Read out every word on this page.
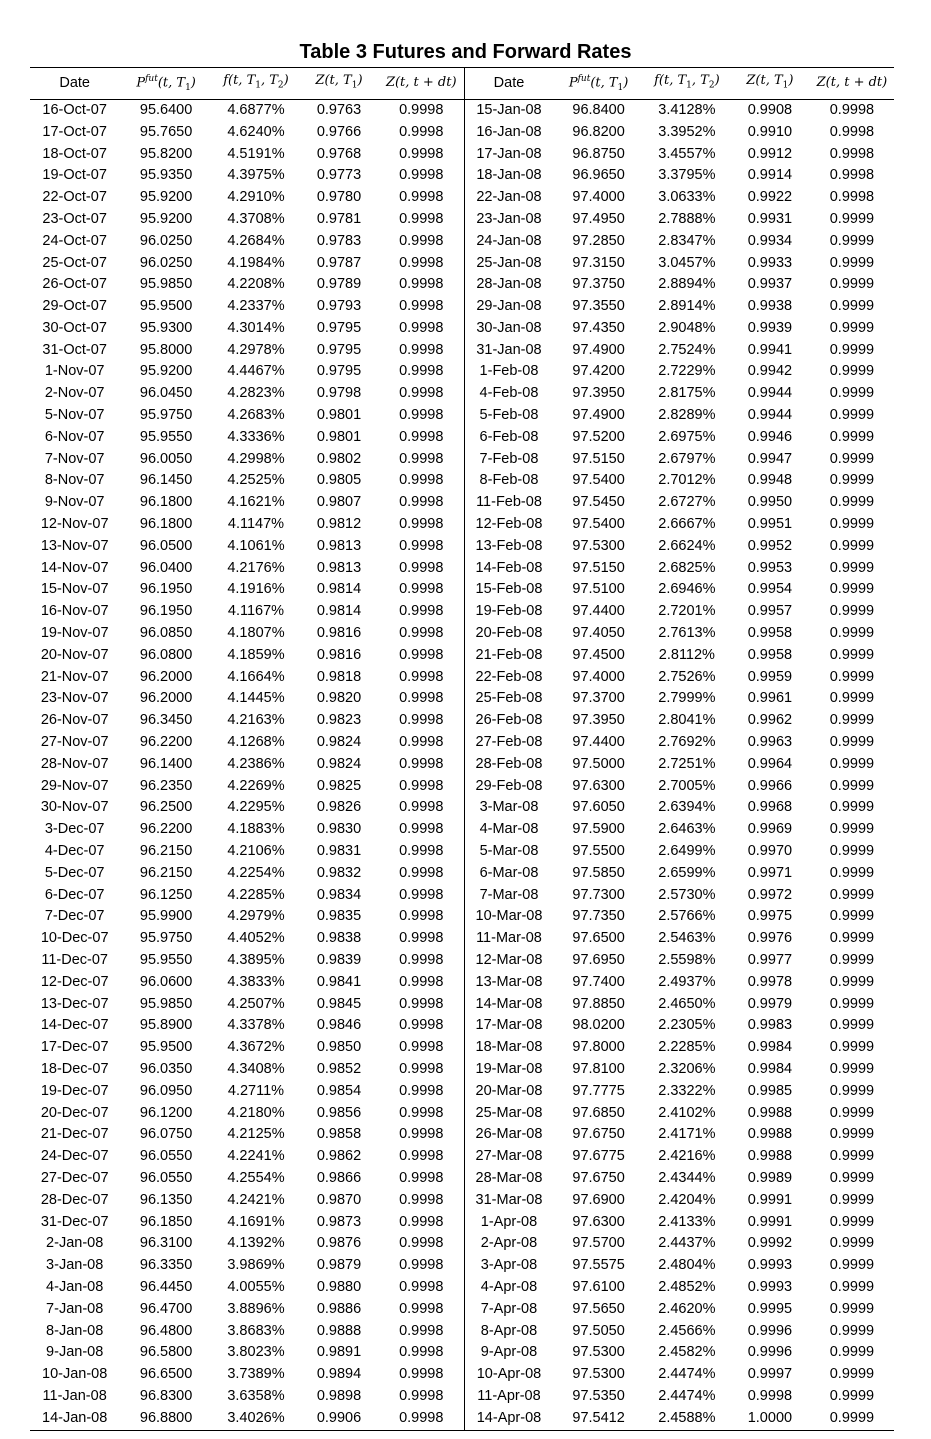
Table 3 Futures and Forward Rates
Date	$P^{fut}(t$, $T_1$)	f(t, $T_1$, $T_2$)	Z(t, $T_1$)	Z(t, t + dt)	Date	$P^{fut}(t$, $T_1$)	f(t, $T_1$, $T_2$)	Z(t, $T_1$)	Z(t, t + dt)
16-Oct-07	95.6400	4.6877%	0.9763	0.9998	15-Jan-08	96.8400	3.4128%	0.9908	0.9998
17-Oct-07	95.7650	4.6240%	0.9766	0.9998	16-Jan-08	96.8200	3.3952%	0.9910	0.9998
18-Oct-07	95.8200	4.5191%	0.9768	0.9998	17-Jan-08	96.8750	3.4557%	0.9912	0.9998
19-Oct-07	95.9350	4.3975%	0.9773	0.9998	18-Jan-08	96.9650	3.3795%	0.9914	0.9998
22-Oct-07	95.9200	4.2910%	0.9780	0.9998	22-Jan-08	97.4000	3.0633%	0.9922	0.9998
23-Oct-07	95.9200	4.3708%	0.9781	0.9998	23-Jan-08	97.4950	2.7888%	0.9931	0.9999
24-Oct-07	96.0250	4.2684%	0.9783	0.9998	24-Jan-08	97.2850	2.8347%	0.9934	0.9999
25-Oct-07	96.0250	4.1984%	0.9787	0.9998	25-Jan-08	97.3150	3.0457%	0.9933	0.9999
26-Oct-07	95.9850	4.2208%	0.9789	0.9998	28-Jan-08	97.3750	2.8894%	0.9937	0.9999
29-Oct-07	95.9500	4.2337%	0.9793	0.9998	29-Jan-08	97.3550	2.8914%	0.9938	0.9999
30-Oct-07	95.9300	4.3014%	0.9795	0.9998	30-Jan-08	97.4350	2.9048%	0.9939	0.9999
31-Oct-07	95.8000	4.2978%	0.9795	0.9998	31-Jan-08	97.4900	2.7524%	0.9941	0.9999
1-Nov-07	95.9200	4.4467%	0.9795	0.9998	1-Feb-08	97.4200	2.7229%	0.9942	0.9999
2-Nov-07	96.0450	4.2823%	0.9798	0.9998	4-Feb-08	97.3950	2.8175%	0.9944	0.9999
5-Nov-07	95.9750	4.2683%	0.9801	0.9998	5-Feb-08	97.4900	2.8289%	0.9944	0.9999
6-Nov-07	95.9550	4.3336%	0.9801	0.9998	6-Feb-08	97.5200	2.6975%	0.9946	0.9999
7-Nov-07	96.0050	4.2998%	0.9802	0.9998	7-Feb-08	97.5150	2.6797%	0.9947	0.9999
8-Nov-07	96.1450	4.2525%	0.9805	0.9998	8-Feb-08	97.5400	2.7012%	0.9948	0.9999
9-Nov-07	96.1800	4.1621%	0.9807	0.9998	11-Feb-08	97.5450	2.6727%	0.9950	0.9999
12-Nov-07	96.1800	4.1147%	0.9812	0.9998	12-Feb-08	97.5400	2.6667%	0.9951	0.9999
13-Nov-07	96.0500	4.1061%	0.9813	0.9998	13-Feb-08	97.5300	2.6624%	0.9952	0.9999
14-Nov-07	96.0400	4.2176%	0.9813	0.9998	14-Feb-08	97.5150	2.6825%	0.9953	0.9999
15-Nov-07	96.1950	4.1916%	0.9814	0.9998	15-Feb-08	97.5100	2.6946%	0.9954	0.9999
16-Nov-07	96.1950	4.1167%	0.9814	0.9998	19-Feb-08	97.4400	2.7201%	0.9957	0.9999
19-Nov-07	96.0850	4.1807%	0.9816	0.9998	20-Feb-08	97.4050	2.7613%	0.9958	0.9999
20-Nov-07	96.0800	4.1859%	0.9816	0.9998	21-Feb-08	97.4500	2.8112%	0.9958	0.9999
21-Nov-07	96.2000	4.1664%	0.9818	0.9998	22-Feb-08	97.4000	2.7526%	0.9959	0.9999
23-Nov-07	96.2000	4.1445%	0.9820	0.9998	25-Feb-08	97.3700	2.7999%	0.9961	0.9999
26-Nov-07	96.3450	4.2163%	0.9823	0.9998	26-Feb-08	97.3950	2.8041%	0.9962	0.9999
27-Nov-07	96.2200	4.1268%	0.9824	0.9998	27-Feb-08	97.4400	2.7692%	0.9963	0.9999
28-Nov-07	96.1400	4.2386%	0.9824	0.9998	28-Feb-08	97.5000	2.7251%	0.9964	0.9999
29-Nov-07	96.2350	4.2269%	0.9825	0.9998	29-Feb-08	97.6300	2.7005%	0.9966	0.9999
30-Nov-07	96.2500	4.2295%	0.9826	0.9998	3-Mar-08	97.6050	2.6394%	0.9968	0.9999
3-Dec-07	96.2200	4.1883%	0.9830	0.9998	4-Mar-08	97.5900	2.6463%	0.9969	0.9999
4-Dec-07	96.2150	4.2106%	0.9831	0.9998	5-Mar-08	97.5500	2.6499%	0.9970	0.9999
5-Dec-07	96.2150	4.2254%	0.9832	0.9998	6-Mar-08	97.5850	2.6599%	0.9971	0.9999
6-Dec-07	96.1250	4.2285%	0.9834	0.9998	7-Mar-08	97.7300	2.5730%	0.9972	0.9999
7-Dec-07	95.9900	4.2979%	0.9835	0.9998	10-Mar-08	97.7350	2.5766%	0.9975	0.9999
10-Dec-07	95.9750	4.4052%	0.9838	0.9998	11-Mar-08	97.6500	2.5463%	0.9976	0.9999
11-Dec-07	95.9550	4.3895%	0.9839	0.9998	12-Mar-08	97.6950	2.5598%	0.9977	0.9999
12-Dec-07	96.0600	4.3833%	0.9841	0.9998	13-Mar-08	97.7400	2.4937%	0.9978	0.9999
13-Dec-07	95.9850	4.2507%	0.9845	0.9998	14-Mar-08	97.8850	2.4650%	0.9979	0.9999
14-Dec-07	95.8900	4.3378%	0.9846	0.9998	17-Mar-08	98.0200	2.2305%	0.9983	0.9999
17-Dec-07	95.9500	4.3672%	0.9850	0.9998	18-Mar-08	97.8000	2.2285%	0.9984	0.9999
18-Dec-07	96.0350	4.3408%	0.9852	0.9998	19-Mar-08	97.8100	2.3206%	0.9984	0.9999
19-Dec-07	96.0950	4.2711%	0.9854	0.9998	20-Mar-08	97.7775	2.3322%	0.9985	0.9999
20-Dec-07	96.1200	4.2180%	0.9856	0.9998	25-Mar-08	97.6850	2.4102%	0.9988	0.9999
21-Dec-07	96.0750	4.2125%	0.9858	0.9998	26-Mar-08	97.6750	2.4171%	0.9988	0.9999
24-Dec-07	96.0550	4.2241%	0.9862	0.9998	27-Mar-08	97.6775	2.4216%	0.9988	0.9999
27-Dec-07	96.0550	4.2554%	0.9866	0.9998	28-Mar-08	97.6750	2.4344%	0.9989	0.9999
28-Dec-07	96.1350	4.2421%	0.9870	0.9998	31-Mar-08	97.6900	2.4204%	0.9991	0.9999
31-Dec-07	96.1850	4.1691%	0.9873	0.9998	1-Apr-08	97.6300	2.4133%	0.9991	0.9999
2-Jan-08	96.3100	4.1392%	0.9876	0.9998	2-Apr-08	97.5700	2.4437%	0.9992	0.9999
3-Jan-08	96.3350	3.9869%	0.9879	0.9998	3-Apr-08	97.5575	2.4804%	0.9993	0.9999
4-Jan-08	96.4450	4.0055%	0.9880	0.9998	4-Apr-08	97.6100	2.4852%	0.9993	0.9999
7-Jan-08	96.4700	3.8896%	0.9886	0.9998	7-Apr-08	97.5650	2.4620%	0.9995	0.9999
8-Jan-08	96.4800	3.8683%	0.9888	0.9998	8-Apr-08	97.5050	2.4566%	0.9996	0.9999
9-Jan-08	96.5800	3.8023%	0.9891	0.9998	9-Apr-08	97.5300	2.4582%	0.9996	0.9999
10-Jan-08	96.6500	3.7389%	0.9894	0.9998	10-Apr-08	97.5300	2.4474%	0.9997	0.9999
11-Jan-08	96.8300	3.6358%	0.9898	0.9998	11-Apr-08	97.5350	2.4474%	0.9998	0.9999
14-Jan-08	96.8800	3.4026%	0.9906	0.9998	14-Apr-08	97.5412	2.4588%	1.0000	0.9999
